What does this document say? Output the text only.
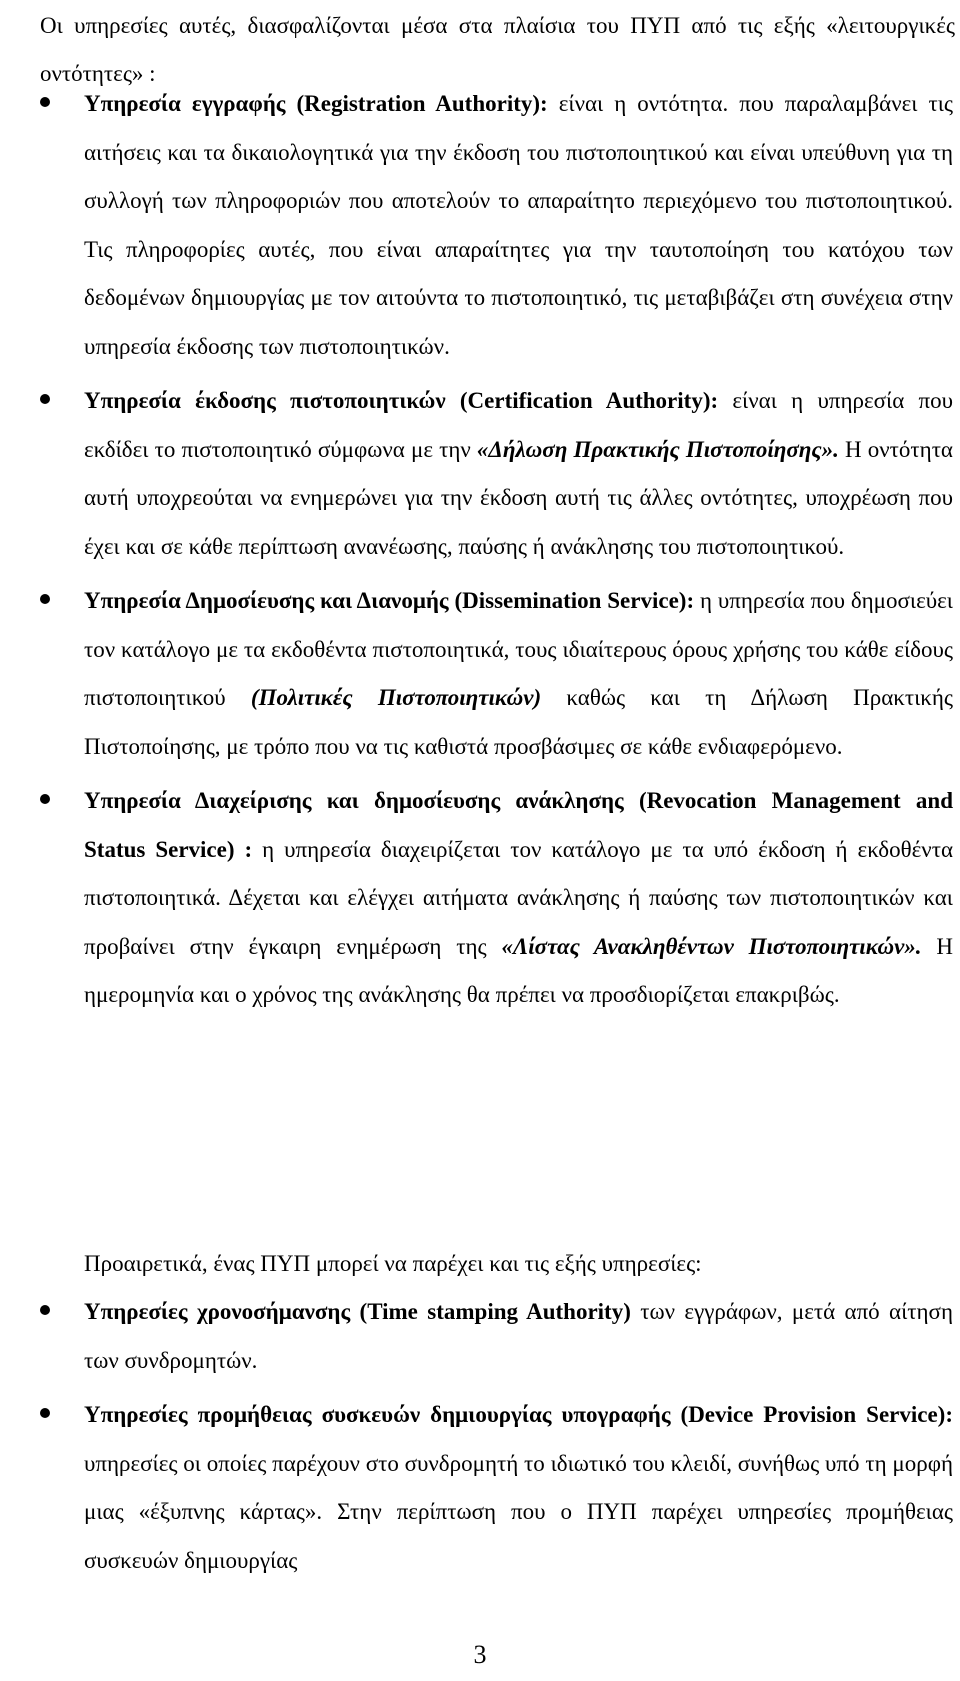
Οι υπηρεσίες αυτές, διασφαλίζονται μέσα στα πλαίσια του ΠΥΠ από τις εξής «λειτουργικές οντότητες» :

Υπηρεσία εγγραφής (Registration Authority): είναι η οντότητα. που παραλαμβάνει τις αιτήσεις και τα δικαιολογητικά για την έκδοση του πιστοποιητικού και είναι υπεύθυνη για τη συλλογή των πληροφοριών που αποτελούν το απαραίτητο περιεχόμενο του πιστοποιητικού. Τις πληροφορίες αυτές, που είναι απαραίτητες για την ταυτοποίηση του κατόχου των δεδομένων δημιουργίας με τον αιτούντα το πιστοποιητικό, τις μεταβιβάζει στη συνέχεια στην υπηρεσία έκδοσης των πιστοποιητικών.
Υπηρεσία έκδοσης πιστοποιητικών (Certification Authority): είναι η υπηρεσία που εκδίδει το πιστοποιητικό σύμφωνα με την «Δήλωση Πρακτικής Πιστοποίησης». Η οντότητα αυτή υποχρεούται να ενημερώνει για την έκδοση αυτή τις άλλες οντότητες, υποχρέωση που έχει και σε κάθε περίπτωση ανανέωσης, παύσης ή ανάκλησης του πιστοποιητικού.
Υπηρεσία Δημοσίευσης και Διανομής (Dissemination Service): η υπηρεσία που δημοσιεύει τον κατάλογο με τα εκδοθέντα πιστοποιητικά, τους ιδιαίτερους όρους χρήσης του κάθε είδους πιστοποιητικού (Πολιτικές Πιστοποιητικών) καθώς και τη Δήλωση Πρακτικής Πιστοποίησης, με τρόπο που να τις καθιστά προσβάσιμες σε κάθε ενδιαφερόμενο.
Υπηρεσία Διαχείρισης και δημοσίευσης ανάκλησης (Revocation Management and Status Service) : η υπηρεσία διαχειρίζεται τον κατάλογο με τα υπό έκδοση ή εκδοθέντα πιστοποιητικά. Δέχεται και ελέγχει αιτήματα ανάκλησης ή παύσης των πιστοποιητικών και προβαίνει στην έγκαιρη ενημέρωση της «Λίστας Ανακληθέντων Πιστοποιητικών». Η ημερομηνία και ο χρόνος της ανάκλησης θα πρέπει να προσδιορίζεται επακριβώς.

Προαιρετικά, ένας ΠΥΠ μπορεί να παρέχει και τις εξής υπηρεσίες:

Υπηρεσίες χρονοσήμανσης (Time stamping Authority) των εγγράφων, μετά από αίτηση των συνδρομητών.
Υπηρεσίες προμήθειας συσκευών δημιουργίας υπογραφής (Device Provision Service): υπηρεσίες οι οποίες παρέχουν στο συνδρομητή το ιδιωτικό του κλειδί, συνήθως υπό τη μορφή μιας «έξυπνης κάρτας». Στην περίπτωση που ο ΠΥΠ παρέχει υπηρεσίες προμήθειας συσκευών δημιουργίας
3
